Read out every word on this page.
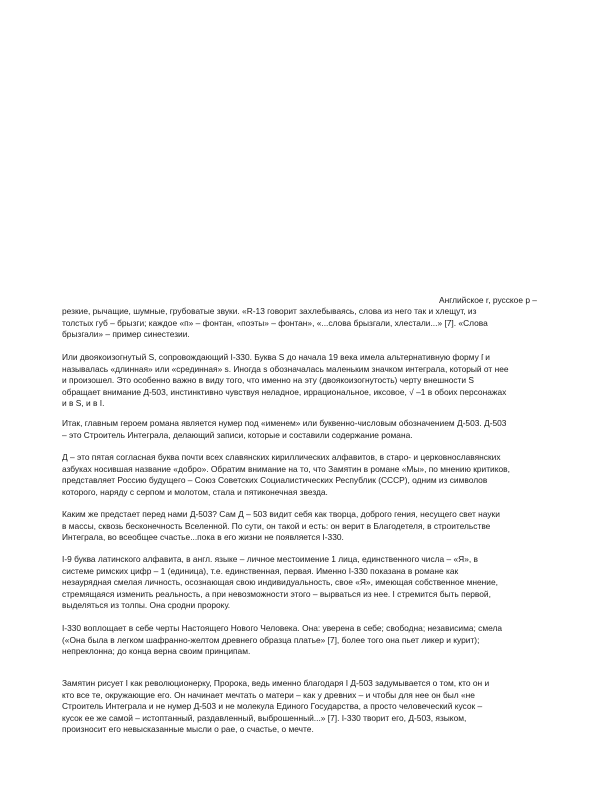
Английское r, русское р –
резкие, рычащие, шумные, грубоватые звуки. «R-13 говорит захлебываясь, слова из него так и хлещут, из
толстых губ – брызги; каждое «п» – фонтан, «поэты» – фонтан», «...слова брызгали, хлестали...» [7]. «Слова
брызгали» – пример синестезии.
Или двоякоизогнутый S, сопровождающий I-330. Буква S до начала 19 века имела альтернативную форму ſ и
называлась «длинная» или «срединная» s. Иногда s обозначалась маленьким значком интеграла, который от нее
и произошел. Это особенно важно в виду того, что именно на эту (двоякоизогнутость) черту внешности S
обращает внимание Д-503, инстинктивно чувствуя неладное, иррациональное, иксовое, √ –1 в обоих персонажах
и в S, и в I.
Итак, главным героем романа является нумер под «именем» или буквенно-числовым обозначением Д-503. Д-503
– это Строитель Интеграла, делающий записи, которые и составили содержание романа.
Д – это пятая согласная буква почти всех славянских кириллических алфавитов, в старо- и церковнославянских
азбуках носившая название «добро». Обратим внимание на то, что Замятин в романе «Мы», по мнению критиков,
представляет Россию будущего – Союз Советских Социалистических Республик (СССР), одним из символов
которого, наряду с серпом и молотом, стала и пятиконечная звезда.
Каким же предстает перед нами Д-503? Сам Д – 503 видит себя как творца, доброго гения, несущего свет науки
в массы, сквозь бесконечность Вселенной. По сути, он такой и есть: он верит в Благодетеля, в строительстве
Интеграла, во всеобщее счастье...пока в его жизни не появляется I-330.
I-9 буква латинского алфавита, в англ. языке – личное местоимение 1 лица, единственного числа – «Я», в
системе римских цифр – 1 (единица), т.е. единственная, первая. Именно I-330 показана в романе как
незаурядная смелая личность, осознающая свою индивидуальность, свое «Я», имеющая собственное мнение,
стремящаяся изменить реальность, а при невозможности этого – вырваться из нее. I стремится быть первой,
выделяться из толпы. Она сродни пророку.
I-330 воплощает в себе черты Настоящего Нового Человека. Она: уверена в себе; свободна; независима; смела
(«Она была в легком шафранно-желтом древнего образца платье» [7], более того она пьет ликер и курит);
непреклонна; до конца верна своим принципам.
Замятин рисует I как революционерку, Пророка, ведь именно благодаря I Д-503 задумывается о том, кто он и
кто все те, окружающие его. Он начинает мечтать о матери – как у древних – и чтобы для нее он был «не
Строитель Интеграла и не нумер Д-503 и не молекула Единого Государства, а просто человеческий кусок –
кусок ее же самой – истоптанный, раздавленный, выброшенный...» [7]. I-330 творит его, Д-503, языком,
произносит его невысказанные мысли о рае, о счастье, о мечте.
